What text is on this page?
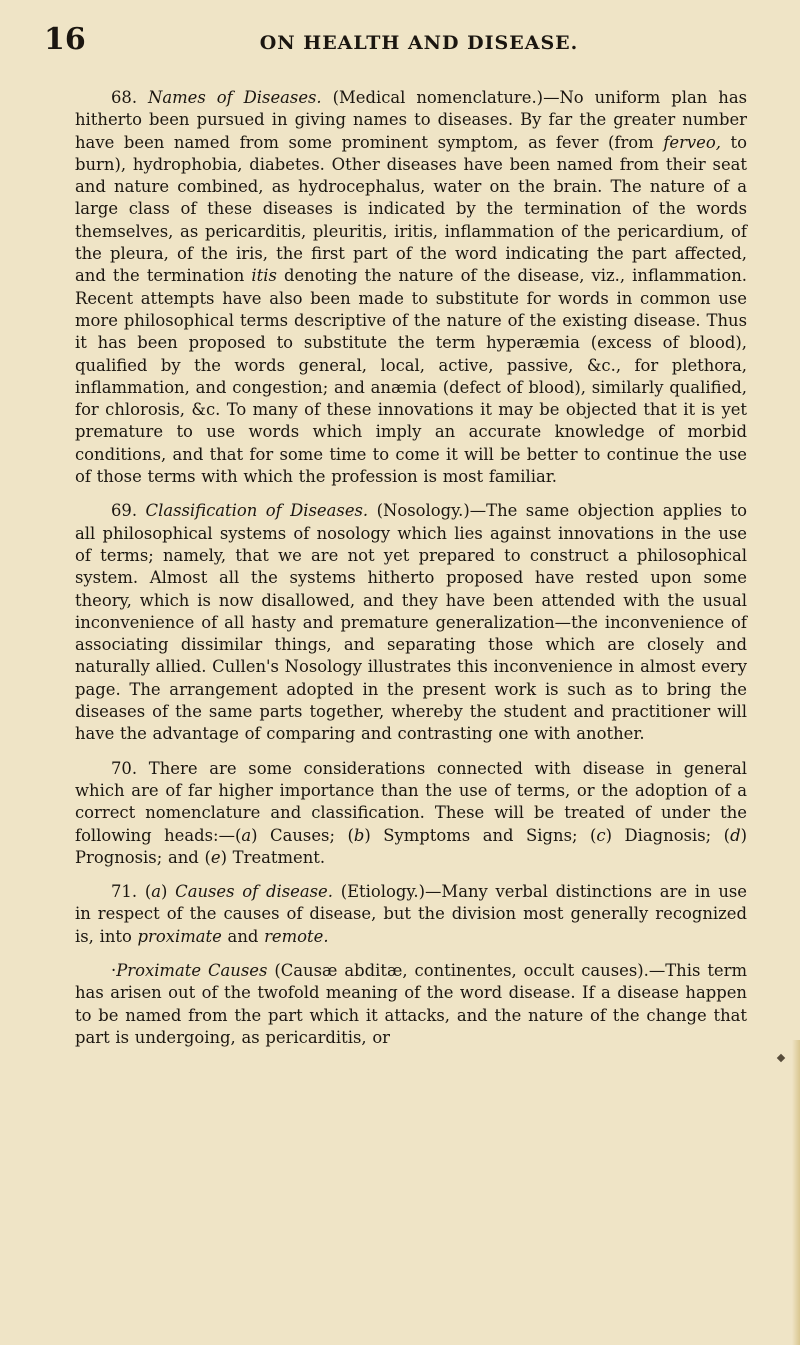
16	ON HEALTH AND DISEASE.

68. Names of Diseases. (Medical nomenclature.)—No uniform plan has hitherto been pursued in giving names to diseases. By far the greater number have been named from some prominent symptom, as fever (from ferveo, to burn), hydrophobia, diabetes. Other diseases have been named from their seat and nature combined, as hydrocephalus, water on the brain. The nature of a large class of these diseases is indicated by the termination of the words themselves, as pericarditis, pleuritis, iritis, inflammation of the pericardium, of the pleura, of the iris, the first part of the word indicating the part affected, and the termination itis denoting the nature of the disease, viz., inflammation. Recent attempts have also been made to substitute for words in common use more philosophical terms descriptive of the nature of the existing disease. Thus it has been proposed to substitute the term hyperæmia (excess of blood), qualified by the words general, local, active, passive, &c., for plethora, inflammation, and congestion; and anæmia (defect of blood), similarly qualified, for chlorosis, &c. To many of these innovations it may be objected that it is yet premature to use words which imply an accurate knowledge of morbid conditions, and that for some time to come it will be better to continue the use of those terms with which the profession is most familiar.

69. Classification of Diseases. (Nosology.)—The same objection applies to all philosophical systems of nosology which lies against innovations in the use of terms; namely, that we are not yet prepared to construct a philosophical system. Almost all the systems hitherto proposed have rested upon some theory, which is now disallowed, and they have been attended with the usual inconvenience of all hasty and premature generalization—the inconvenience of associating dissimilar things, and separating those which are closely and naturally allied. Cullen's Nosology illustrates this inconvenience in almost every page. The arrangement adopted in the present work is such as to bring the diseases of the same parts together, whereby the student and practitioner will have the advantage of comparing and contrasting one with another.

70. There are some considerations connected with disease in general which are of far higher importance than the use of terms, or the adoption of a correct nomenclature and classification. These will be treated of under the following heads:—(a) Causes; (b) Symptoms and Signs; (c) Diagnosis; (d) Prognosis; and (e) Treatment.

71. (a) Causes of disease. (Etiology.)—Many verbal distinctions are in use in respect of the causes of disease, but the division most generally recognized is, into proximate and remote.

·Proximate Causes (Causæ abditæ, continentes, occult causes).—This term has arisen out of the twofold meaning of the word disease. If a disease happen to be named from the part which it attacks, and the nature of the change that part is undergoing, as pericarditis, or
